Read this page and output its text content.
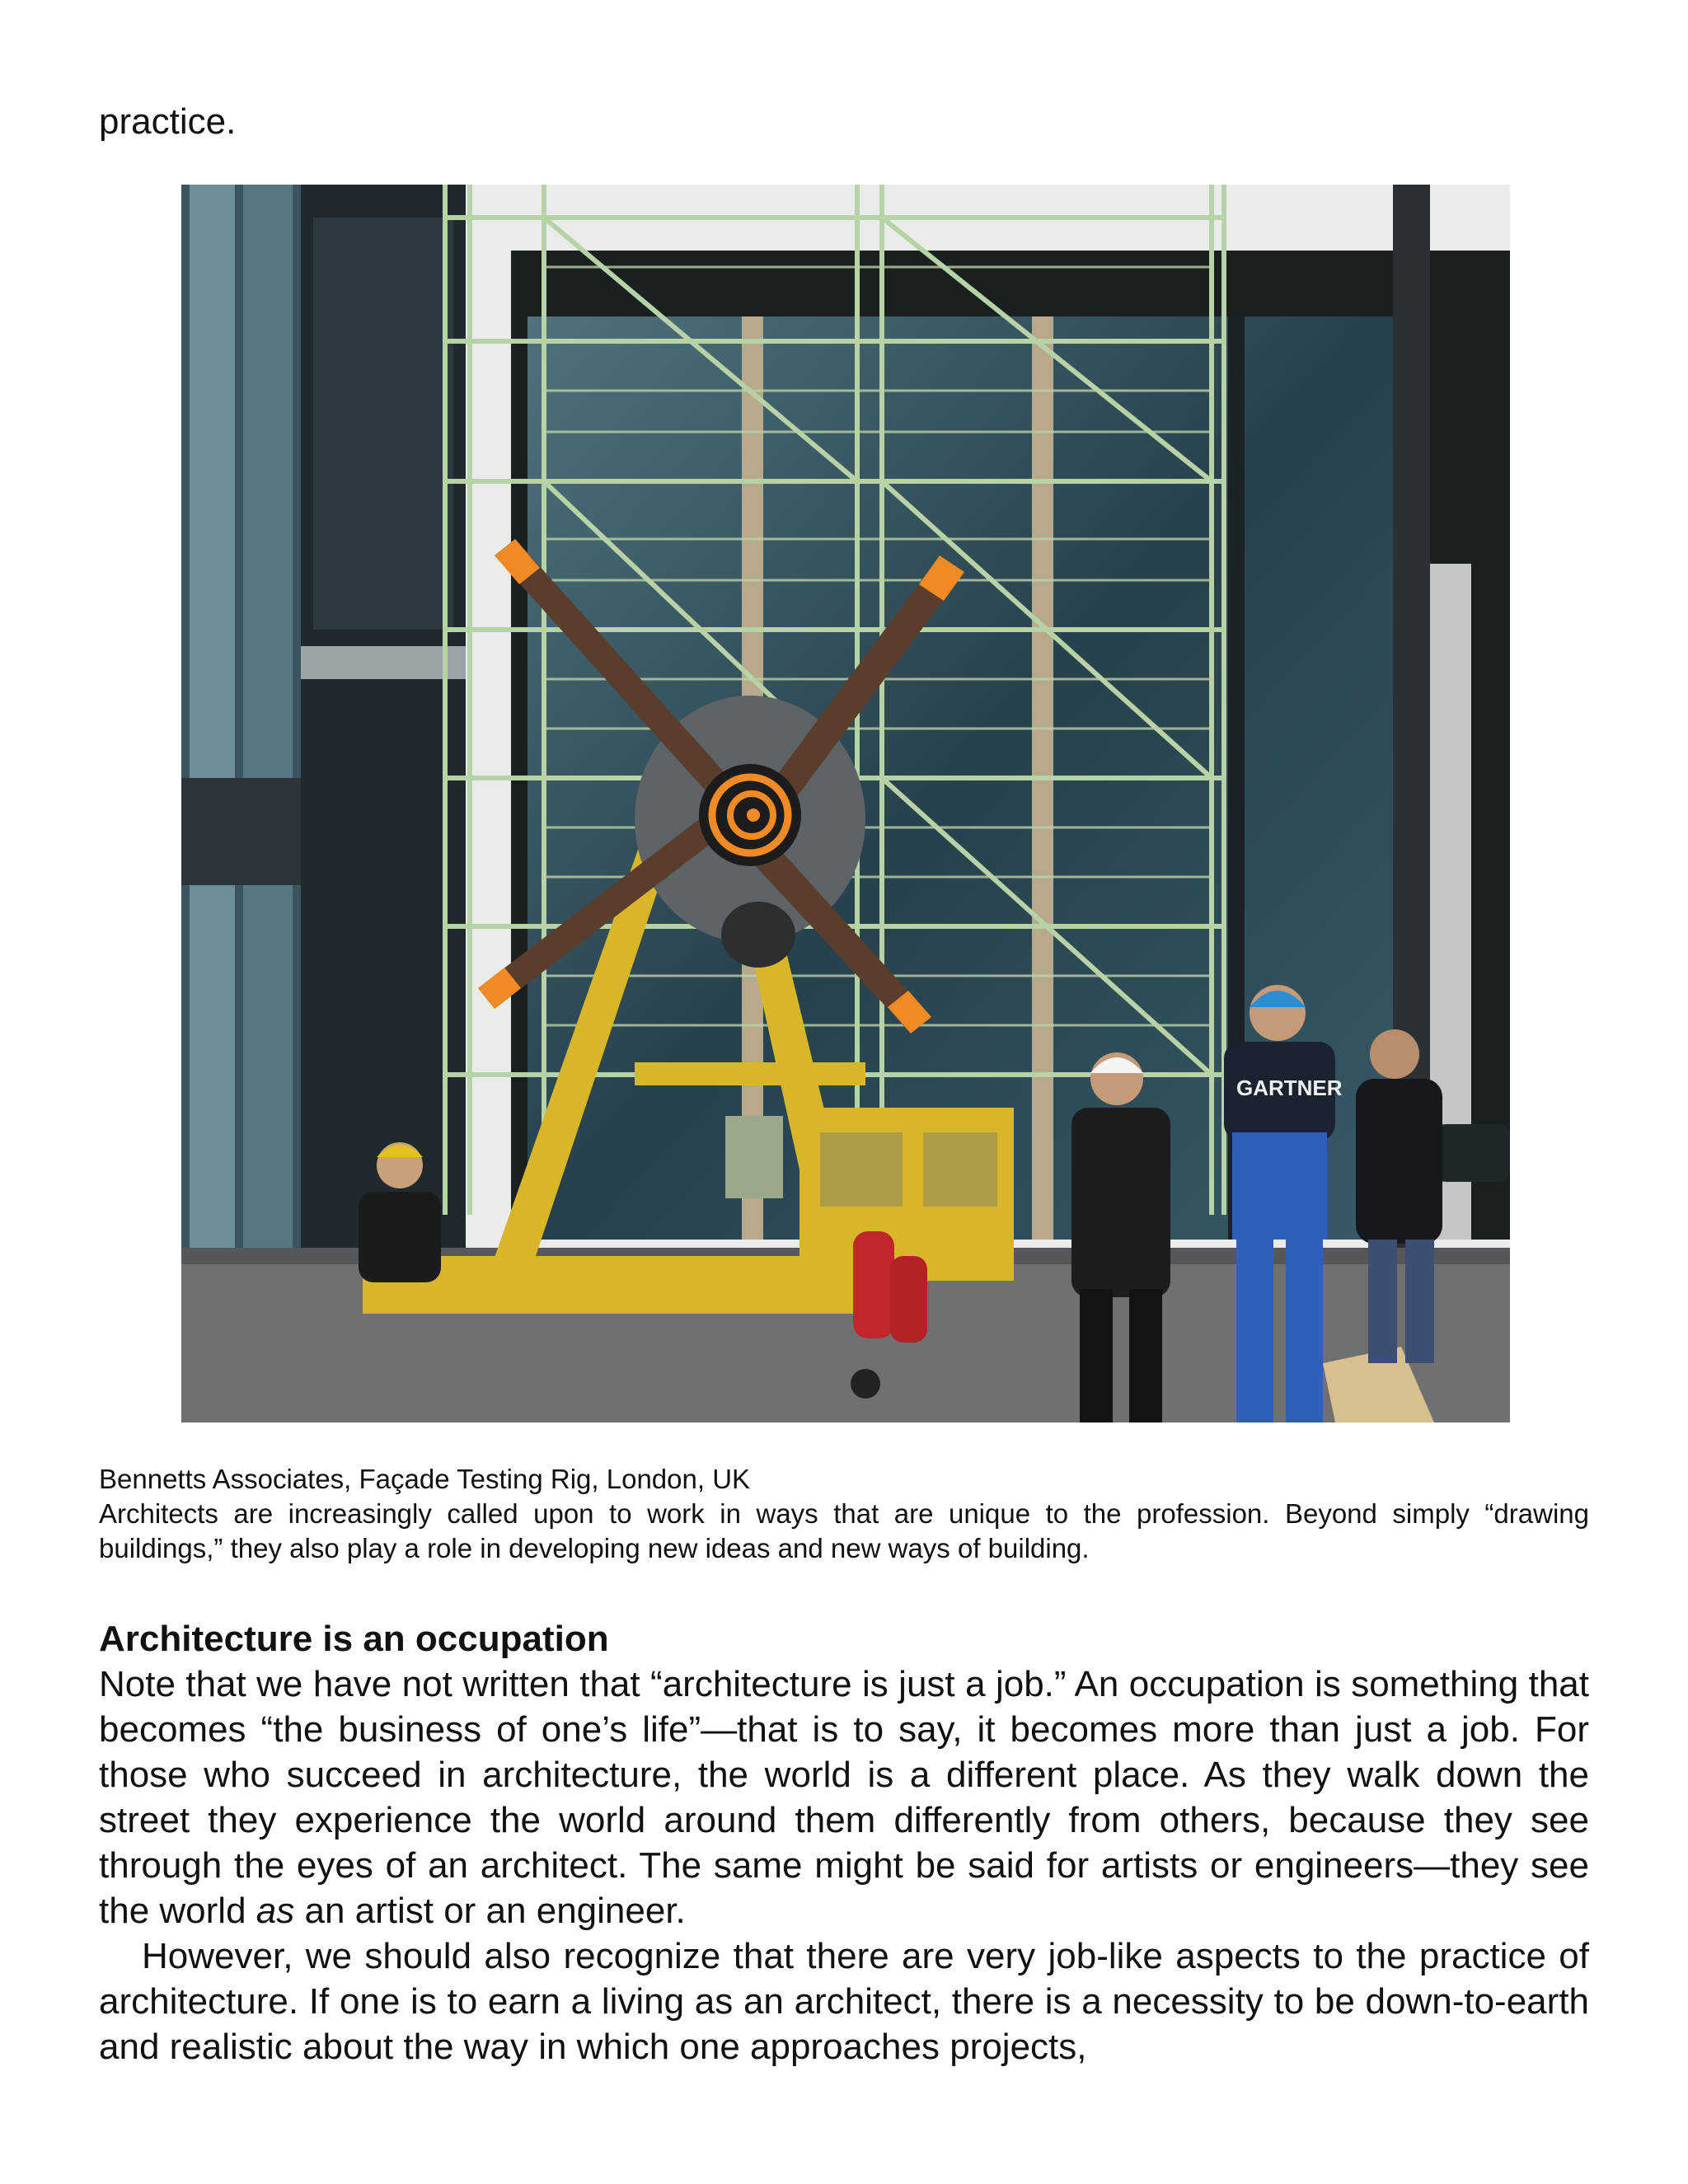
practice.

GARTNER

Bennetts Associates, Façade Testing Rig, London, UK
Architects are increasingly called upon to work in ways that are unique to the profession. Beyond simply “drawing buildings,” they also play a role in developing new ideas and new ways of building.

Architecture is an occupation

Note that we have not written that “architecture is just a job.” An occupation is something that becomes “the business of one’s life”—that is to say, it becomes more than just a job. For those who succeed in architecture, the world is a different place. As they walk down the street they experience the world around them differently from others, because they see through the eyes of an architect. The same might be said for artists or engineers—they see the world as an artist or an engineer.

However, we should also recognize that there are very job-like aspects to the practice of architecture. If one is to earn a living as an architect, there is a necessity to be down-to-earth and realistic about the way in which one approaches projects,
